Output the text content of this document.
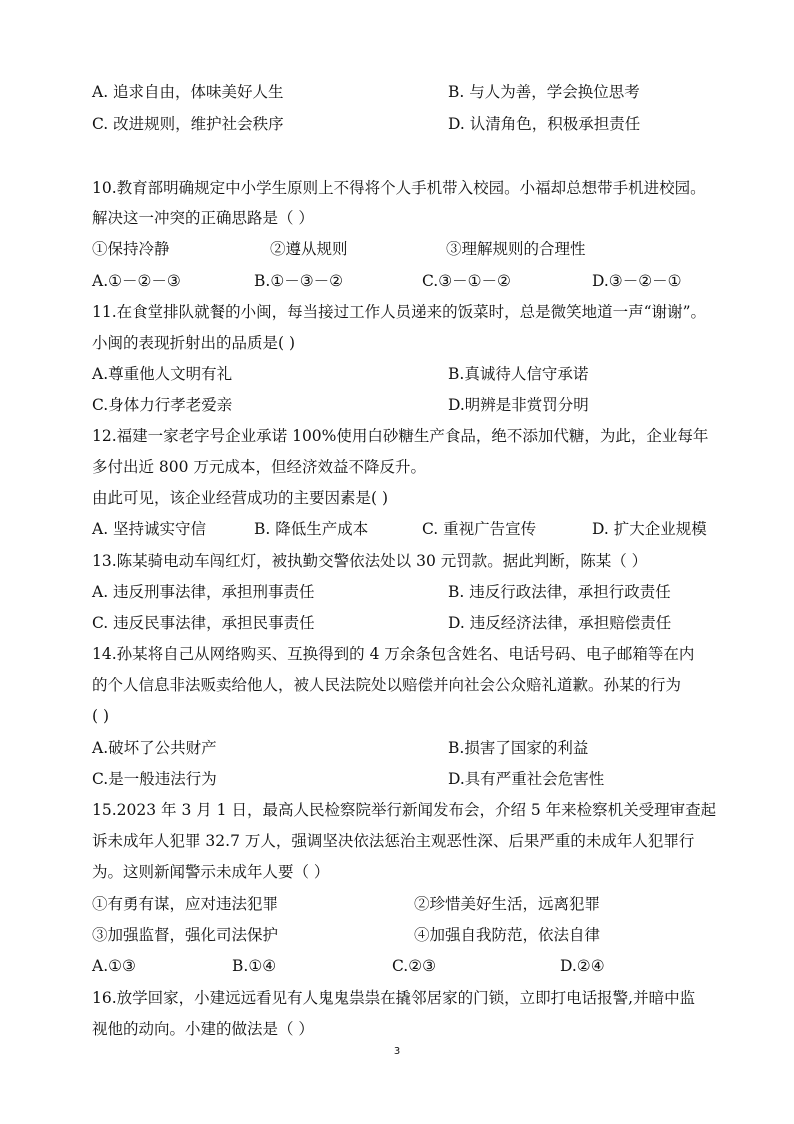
A. 追求自由，体味美好人生	B. 与人为善，学会换位思考
C. 改进规则，维护社会秩序	D. 认清角色，积极承担责任
10.教育部明确规定中小学生原则上不得将个人手机带入校园。小福却总想带手机进校园。
解决这一冲突的正确思路是（ ）
①保持冷静	②遵从规则	③理解规则的合理性
A.①－②－③	B.①－③－②	C.③－①－②	D.③－②－①
11.在食堂排队就餐的小闽，每当接过工作人员递来的饭菜时，总是微笑地道一声“谢谢”。
小闽的表现折射出的品质是( )
A.尊重他人文明有礼	B.真诚待人信守承诺
C.身体力行孝老爱亲	D.明辨是非赏罚分明
12.福建一家老字号企业承诺 100%使用白砂糖生产食品，绝不添加代糖，为此，企业每年
多付出近 800 万元成本，但经济效益不降反升。
由此可见，该企业经营成功的主要因素是( )
A. 坚持诚实守信	B. 降低生产成本	C. 重视广告宣传	D. 扩大企业规模
13.陈某骑电动车闯红灯，被执勤交警依法处以 30 元罚款。据此判断，陈某（ ）
A. 违反刑事法律，承担刑事责任	B. 违反行政法律，承担行政责任
C. 违反民事法律，承担民事责任	D. 违反经济法律，承担赔偿责任
14.孙某将自己从网络购买、互换得到的 4 万余条包含姓名、电话号码、电子邮箱等在内
的个人信息非法贩卖给他人，被人民法院处以赔偿并向社会公众赔礼道歉。孙某的行为
( )
A.破坏了公共财产	B.损害了国家的利益
C.是一般违法行为	D.具有严重社会危害性
15.2023 年 3 月 1 日，最高人民检察院举行新闻发布会，介绍 5 年来检察机关受理审查起
诉未成年人犯罪 32.7 万人，强调坚决依法惩治主观恶性深、后果严重的未成年人犯罪行
为。这则新闻警示未成年人要（ ）
①有勇有谋，应对违法犯罪	②珍惜美好生活，远离犯罪
③加强监督，强化司法保护	④加强自我防范，依法自律
A.①③	B.①④	C.②③	D.②④
16.放学回家，小建远远看见有人鬼鬼祟祟在撬邻居家的门锁，立即打电话报警,并暗中监
视他的动向。小建的做法是（ ）
3
